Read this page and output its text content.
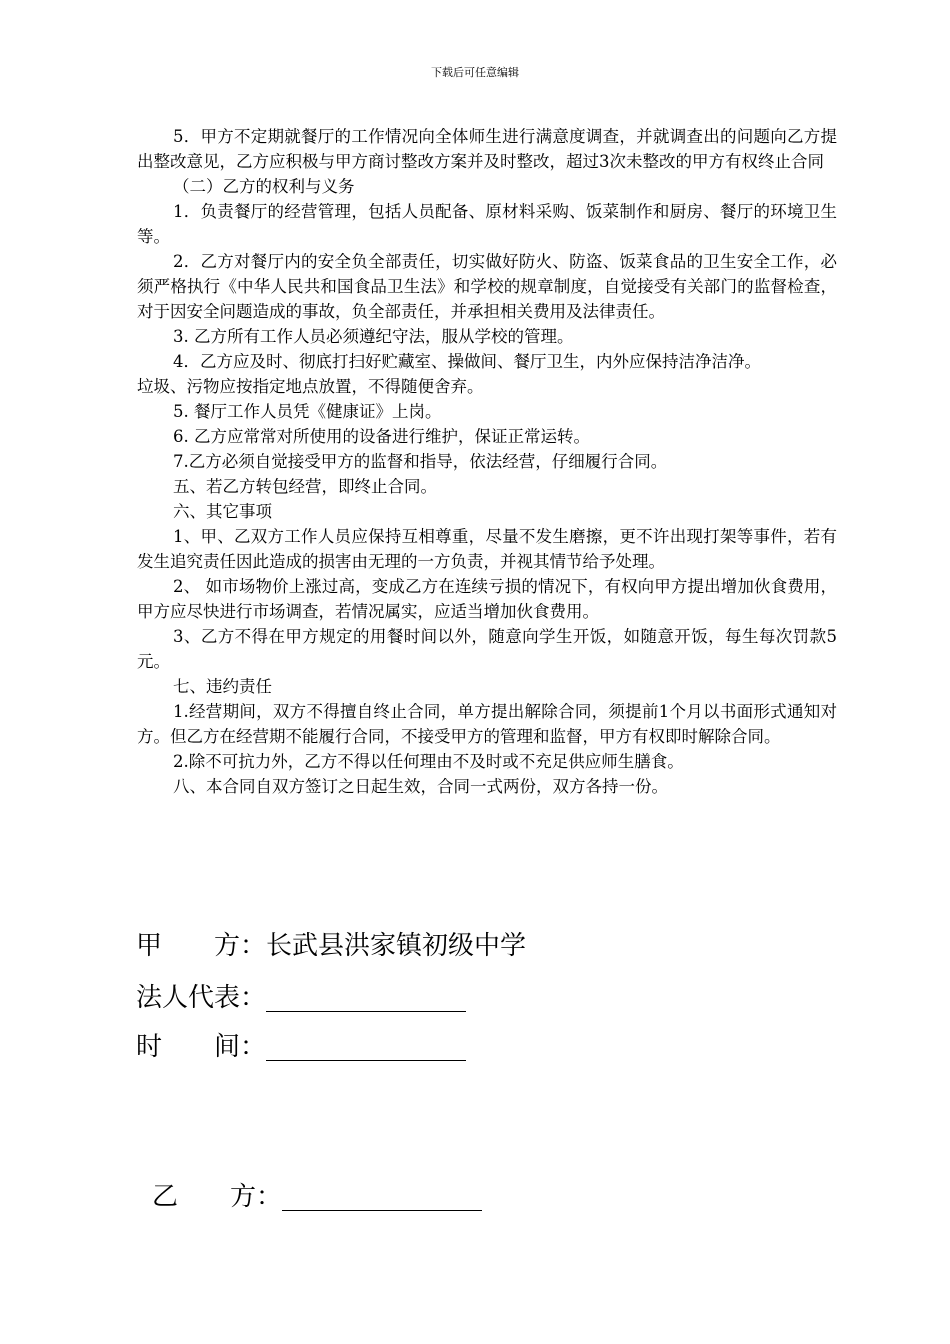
下载后可任意编辑

5．甲方不定期就餐厅的工作情况向全体师生进行满意度调查，并就调查出的问题向乙方提出整改意见，乙方应积极与甲方商讨整改方案并及时整改，超过3次未整改的甲方有权终止合同

（二）乙方的权利与义务

1．负责餐厅的经营管理，包括人员配备、原材料采购、饭菜制作和厨房、餐厅的环境卫生等。

2．乙方对餐厅内的安全负全部责任，切实做好防火、防盗、饭菜食品的卫生安全工作，必须严格执行《中华人民共和国食品卫生法》和学校的规章制度，自觉接受有关部门的监督检查，对于因安全问题造成的事故，负全部责任，并承担相关费用及法律责任。

3. 乙方所有工作人员必须遵纪守法，服从学校的管理。

4．乙方应及时、彻底打扫好贮藏室、操做间、餐厅卫生，内外应保持洁净洁净。

垃圾、污物应按指定地点放置，不得随便舍弃。

5. 餐厅工作人员凭《健康证》上岗。

6. 乙方应常常对所使用的设备进行维护，保证正常运转。

7.乙方必须自觉接受甲方的监督和指导，依法经营，仔细履行合同。

五、若乙方转包经营，即终止合同。

六、其它事项

1、甲、乙双方工作人员应保持互相尊重，尽量不发生磨擦，更不许出现打架等事件，若有发生追究责任因此造成的损害由无理的一方负责，并视其情节给予处理。

2、 如市场物价上涨过高，变成乙方在连续亏损的情况下，有权向甲方提出增加伙食费用，甲方应尽快进行市场调查，若情况属实，应适当增加伙食费用。

3、乙方不得在甲方规定的用餐时间以外，随意向学生开饭，如随意开饭，每生每次罚款5元。

七、违约责任

1.经营期间，双方不得擅自终止合同，单方提出解除合同，须提前1个月以书面形式通知对方。但乙方在经营期不能履行合同，不接受甲方的管理和监督，甲方有权即时解除合同。

2.除不可抗力外，乙方不得以任何理由不及时或不充足供应师生膳食。

八、本合同自双方签订之日起生效，合同一式两份，双方各持一份。

甲　　方：长武县洪家镇初级中学
法人代表：
时　　间：
乙　　方：
